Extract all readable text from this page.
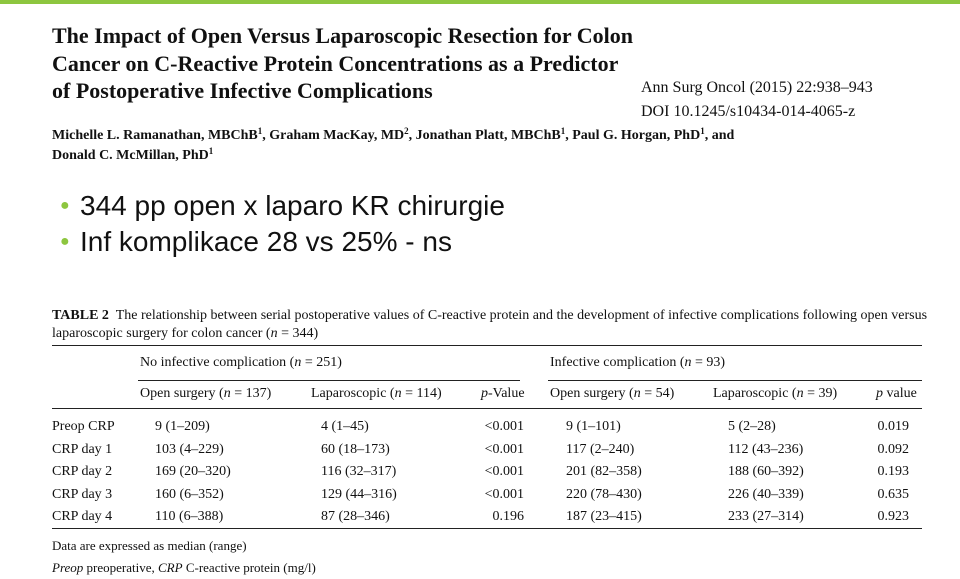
The Impact of Open Versus Laparoscopic Resection for Colon
Cancer on C-Reactive Protein Concentrations as a Predictor
of Postoperative Infective Complications	Ann Surg Oncol (2015) 22:938–943
DOI 10.1245/s10434-014-4065-z
Michelle L. Ramanathan, MBChB$^1$, Graham MacKay, $MD^2$, Jonathan Platt, MBChB$^1$, Paul G. Horgan, PhD$^1$, and
Donald C. McMillan, PhD$^1$
● 344 pp open x laparo KR chirurgie
● Inf komplikace 28 vs 25% - ns
TABLE 2 The relationship between serial postoperative values of C-reactive protein and the development of infective complications following open versus laparoscopic surgery for colon cancer (n = 344)
No infective complication (n = 251)	Infective complication (n = 93)
Open surgery (n = 137)	Laparoscopic (n = 114)	p-Value Open surgery (n = 54)	Laparoscopic (n = 39)	p value
Preop CRP	9 (1–209)	4 (1–45)	<0.001	9 (1–101)	5 (2–28)	0.019
CRP day 1	103 (4–229)	60 (18–173)	<0.001	117 (2–240)	112 (43–236)	0.092
CRP day 2	169 (20–320)	116 (32–317)	<0.001	201 (82–358)	188 (60–392)	0.193
CRP day 3	160 (6–352)	129 (44–316)	<0.001	220 (78–430)	226 (40–339)	0.635
CRP day 4	110 (6–388)	87 (28–346)	0.196	187 (23–415)	233 (27–314)	0.923
Data are expressed as median (range)
Preop preoperative, CRP C-reactive protein (mg/l)
